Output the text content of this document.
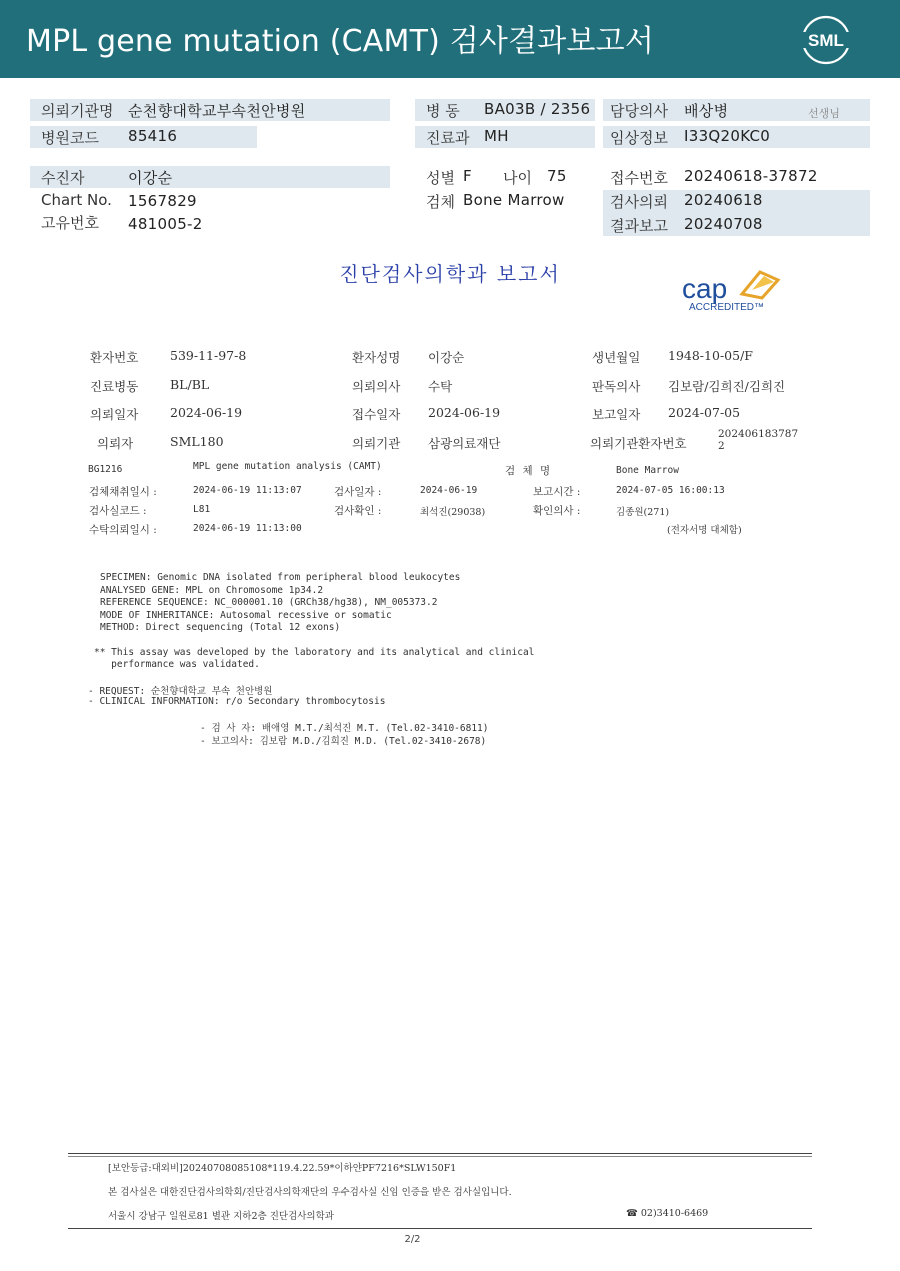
MPL gene mutation (CAMT) 검사결과보고서	SML
의뢰기관명 순천향대학교부속천안병원	병 동 BA03B / 2356 담당의사 배상병	선생님
병원코드 85416	진료과 MH	임상정보 I33Q20KC0
수진자	이강순	성별 F 나이 75	접수번호 20240618-37872
Chart No. 1567829	검체 Bone Marrow	검사의뢰 20240618
고유번호 481005-2	결과보고 20240708
진단검사의학과 보고서	cap
ACCREDITED™
환자번호	539-11-97-8	환자성명 이강순	생년월일 1948-10-05/F
진료병동	BL/BL	의뢰의사 수탁	판독의사 김보람/김희진/김희진
의뢰일자	2024-06-19	접수일자 2024-06-19	보고일자 2024-07-05
의뢰자	SML180	의뢰기관 삼광의료재단	의뢰기관환자번호
202406183787
2
BG1216	MPL gene mutation analysis (CAMT)	검 체 명	Bone Marrow
검체채취일시 :	2024-06-19 11:13:07	검사일자 :	2024-06-19	보고시간 :	2024-07-05 16:00:13
검사실코드 :	L81	검사확인 :	최석진(29038)	확인의사 :	김종원(271)
수탁의뢰일시 :	2024-06-19 11:13:00	(전자서명 대체함)
SPECIMEN: Genomic DNA isolated from peripheral blood leukocytes
ANALYSED GENE: MPL on Chromosome 1p34.2
REFERENCE SEQUENCE: NC_000001.10 (GRCh38/hg38), NM_005373.2
MODE OF INHERITANCE: Autosomal recessive or somatic
METHOD: Direct sequencing (Total 12 exons)
** This assay was developed by the laboratory and its analytical and clinical
performance was validated.
- REQUEST: 순천향대학교 부속 천안병원
- CLINICAL INFORMATION: r/o Secondary thrombocytosis
- 검 사 자: 배애영 M.T./최석진 M.T. (Tel.02-3410-6811)
- 보고의사: 김보람 M.D./김희진 M.D. (Tel.02-3410-2678)
[보안등급:대외비]20240708085108*119.4.22.59*이하얀PF7216*SLW150F1
본 검사실은 대한진단검사의학회/진단검사의학재단의 우수검사실 신임 인증을 받은 검사실입니다.
서울시 강남구 일원로81 별관 지하2층 진단검사의학과	☎ 02)3410-6469
2/2
